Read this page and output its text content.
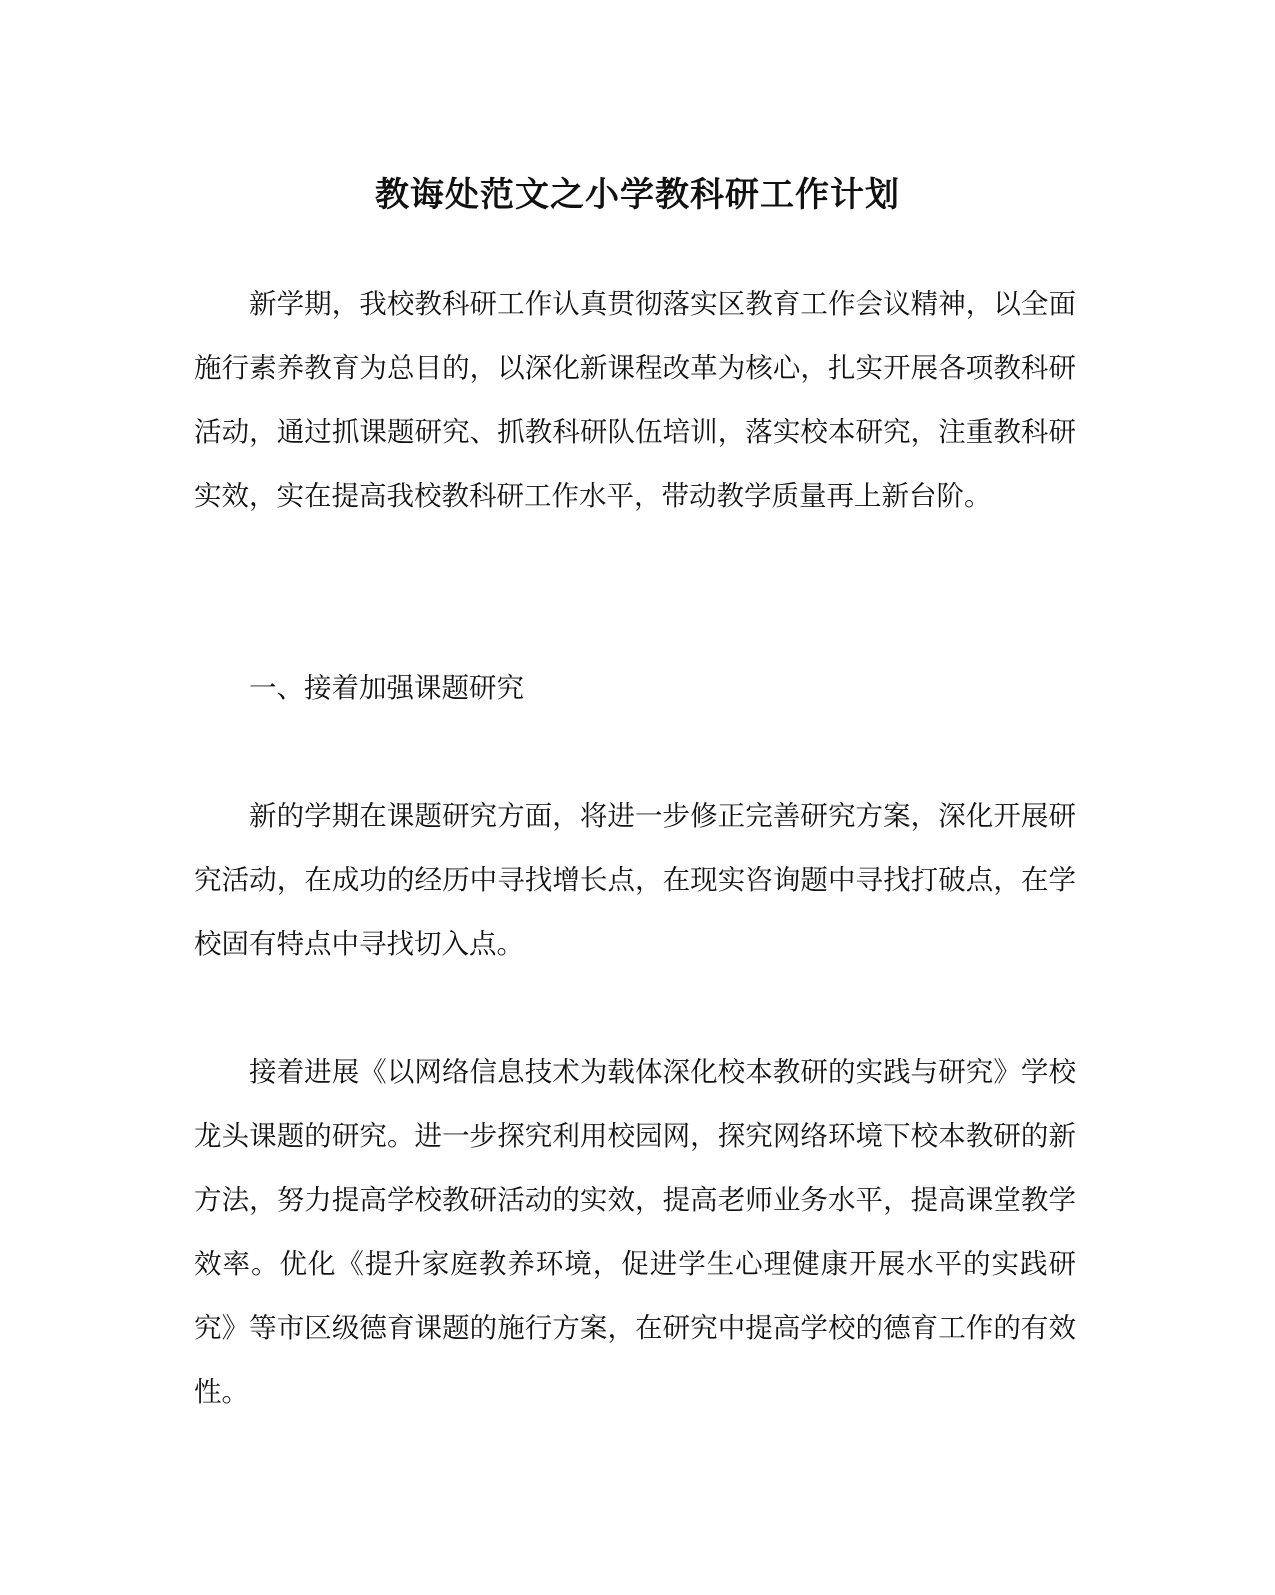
教诲处范文之小学教科研工作计划

新学期，我校教科研工作认真贯彻落实区教育工作会议精神，以全面施行素养教育为总目的，以深化新课程改革为核心，扎实开展各项教科研活动，通过抓课题研究、抓教科研队伍培训，落实校本研究，注重教科研实效，实在提高我校教科研工作水平，带动教学质量再上新台阶。

一、接着加强课题研究

新的学期在课题研究方面，将进一步修正完善研究方案，深化开展研究活动，在成功的经历中寻找增长点，在现实咨询题中寻找打破点，在学校固有特点中寻找切入点。

接着进展《以网络信息技术为载体深化校本教研的实践与研究》学校龙头课题的研究。进一步探究利用校园网，探究网络环境下校本教研的新方法，努力提高学校教研活动的实效，提高老师业务水平，提高课堂教学效率。优化《提升家庭教养环境，促进学生心理健康开展水平的实践研究》等市区级德育课题的施行方案，在研究中提高学校的德育工作的有效性。
